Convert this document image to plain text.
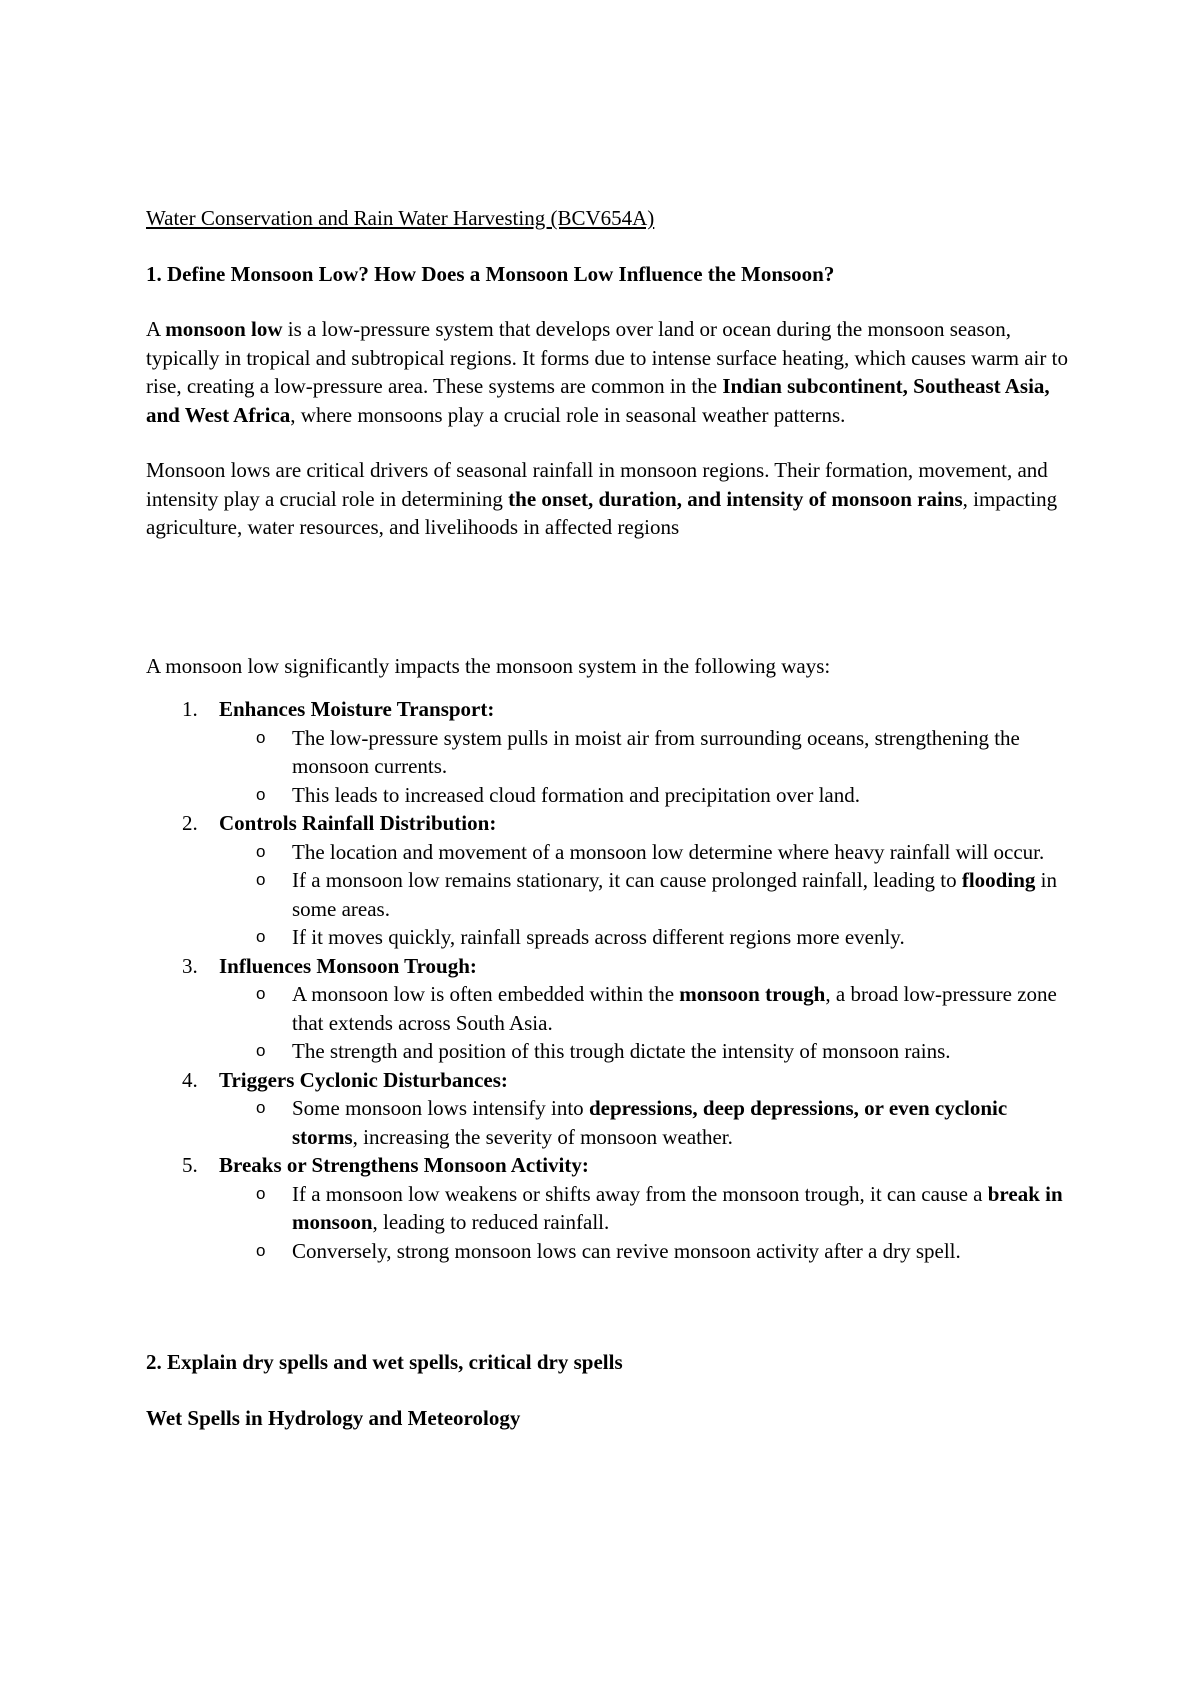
Water Conservation and Rain Water Harvesting (BCV654A)

1. Define Monsoon Low? How Does a Monsoon Low Influence the Monsoon?

A monsoon low is a low-pressure system that develops over land or ocean during the monsoon season, typically in tropical and subtropical regions. It forms due to intense surface heating, which causes warm air to rise, creating a low-pressure area. These systems are common in the Indian subcontinent, Southeast Asia, and West Africa, where monsoons play a crucial role in seasonal weather patterns.

Monsoon lows are critical drivers of seasonal rainfall in monsoon regions. Their formation, movement, and intensity play a crucial role in determining the onset, duration, and intensity of monsoon rains, impacting agriculture, water resources, and livelihoods in affected regions

A monsoon low significantly impacts the monsoon system in the following ways:

1.	Enhances Moisture Transport:
o The low-pressure system pulls in moist air from surrounding oceans, strengthening the monsoon currents.
o This leads to increased cloud formation and precipitation over land.
2.	Controls Rainfall Distribution:
o The location and movement of a monsoon low determine where heavy rainfall will occur.
o If a monsoon low remains stationary, it can cause prolonged rainfall, leading to flooding in some areas.
o If it moves quickly, rainfall spreads across different regions more evenly.
3.	Influences Monsoon Trough:
o A monsoon low is often embedded within the monsoon trough, a broad low-pressure zone that extends across South Asia.
o The strength and position of this trough dictate the intensity of monsoon rains.
4.	Triggers Cyclonic Disturbances:
o Some monsoon lows intensify into depressions, deep depressions, or even cyclonic storms, increasing the severity of monsoon weather.
5.	Breaks or Strengthens Monsoon Activity:
o If a monsoon low weakens or shifts away from the monsoon trough, it can cause a break in monsoon, leading to reduced rainfall.
o Conversely, strong monsoon lows can revive monsoon activity after a dry spell.

2. Explain dry spells and wet spells, critical dry spells

Wet Spells in Hydrology and Meteorology
